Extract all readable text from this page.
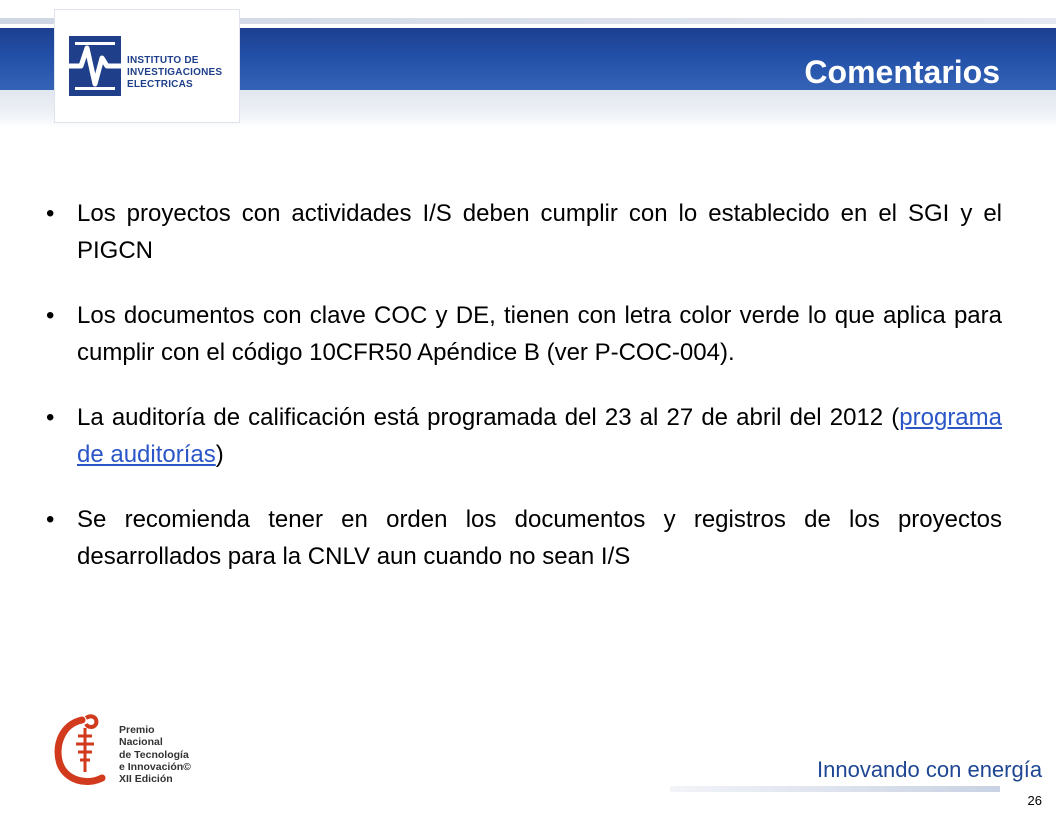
INSTITUTO DE
INVESTIGACIONES
ELECTRICAS	Comentarios
• Los proyectos con actividades I/S deben cumplir con lo establecido en el SGI y el PIGCN
• Los documentos con clave COC y DE, tienen con letra color verde lo que aplica para cumplir con el código 10CFR50 Apéndice B (ver P-COC-004).
• La auditoría de calificación está programada del 23 al 27 de abril del 2012 (programa de auditorías)
• Se recomienda tener en orden los documentos y registros de los proyectos desarrollados para la CNLV aun cuando no sean I/S
Premio
Nacional
de Tecnología
e Innovación©
XII Edición	Innovando con energía
26
